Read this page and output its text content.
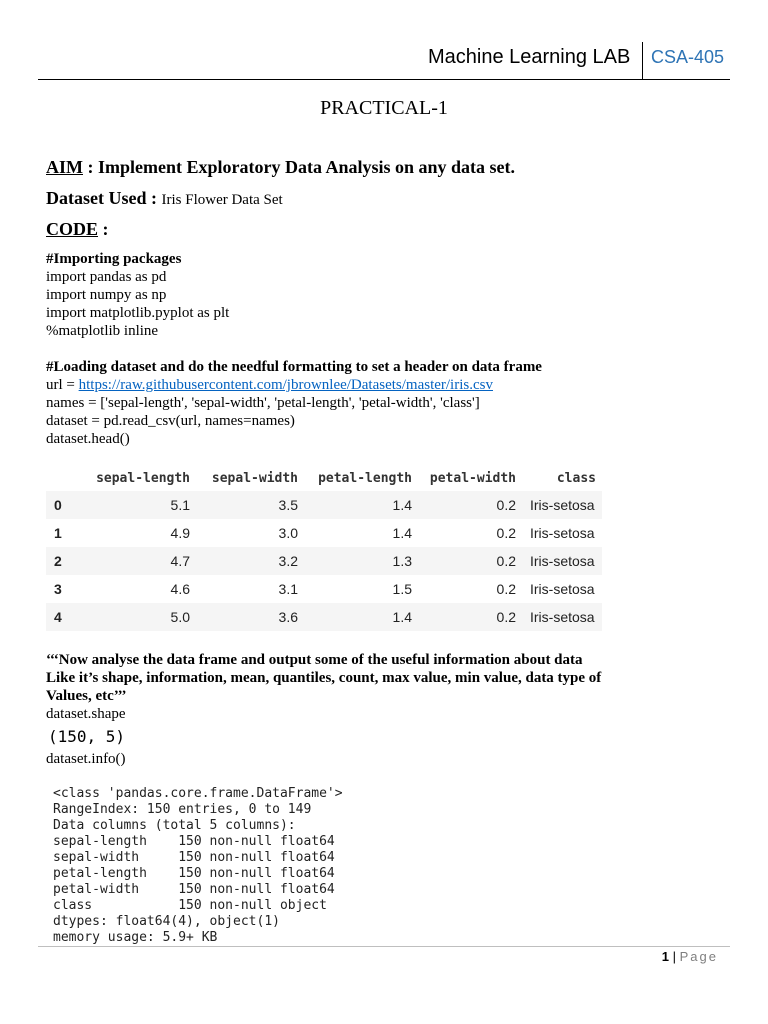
Machine Learning LAB CSA-405
PRACTICAL-1
AIM : Implement Exploratory Data Analysis on any data set.
Dataset Used : Iris Flower Data Set
CODE :
#Importing packages
import pandas as pd
import numpy as np
import matplotlib.pyplot as plt
%matplotlib inline
#Loading dataset and do the needful formatting to set a header on data frame
url = https://raw.githubusercontent.com/jbrownlee/Datasets/master/iris.csv
names = ['sepal-length', 'sepal-width', 'petal-length', 'petal-width', 'class']
dataset = pd.read_csv(url, names=names)
dataset.head()
	sepal-length	sepal-width	petal-length	petal-width	class
0	5.1	3.5	1.4	0.2	Iris-setosa
1	4.9	3.0	1.4	0.2	Iris-setosa
2	4.7	3.2	1.3	0.2	Iris-setosa
3	4.6	3.1	1.5	0.2	Iris-setosa
4	5.0	3.6	1.4	0.2	Iris-setosa
‘‘‘Now analyse the data frame and output some of the useful information about data
Like it’s shape, information, mean, quantiles, count, max value, min value, data type of
Values, etc’’’
dataset.shape
(150, 5)
dataset.info()
<class 'pandas.core.frame.DataFrame'>
RangeIndex: 150 entries, 0 to 149
Data columns (total 5 columns):
sepal-length    150 non-null float64
sepal-width     150 non-null float64
petal-length    150 non-null float64
petal-width     150 non-null float64
class           150 non-null object
dtypes: float64(4), object(1)
memory usage: 5.9+ KB
1 | Page
